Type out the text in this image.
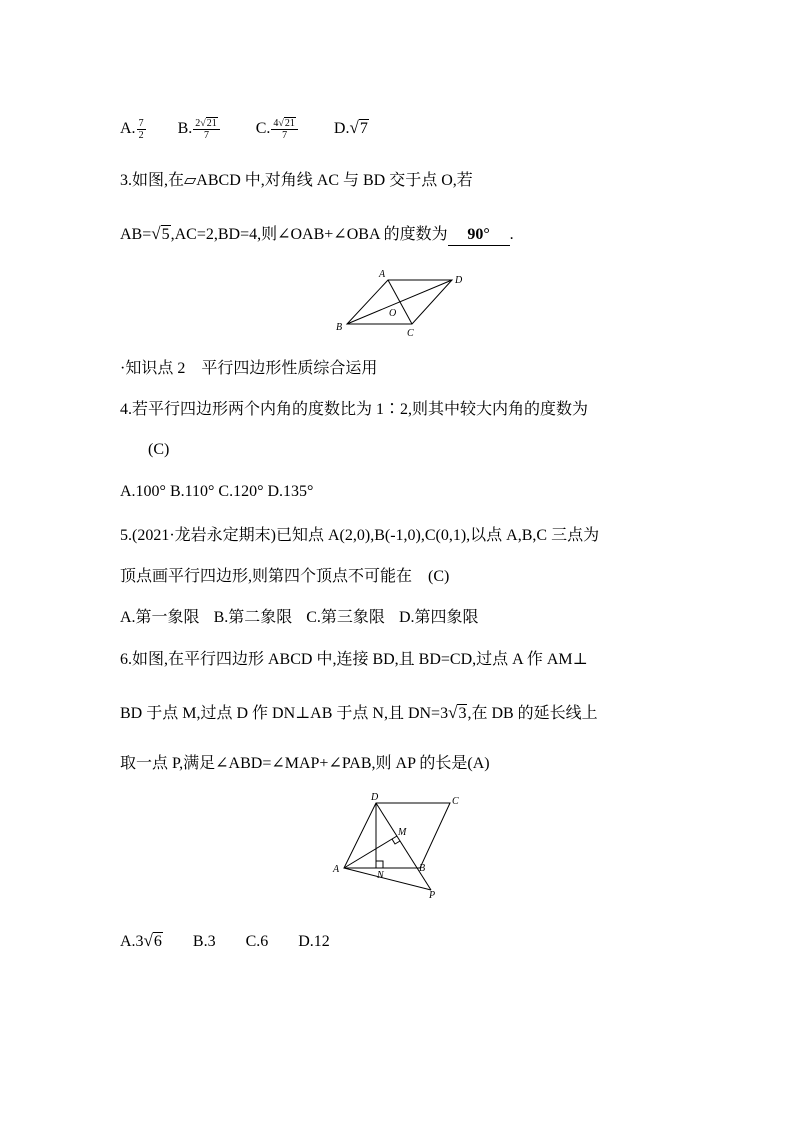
A. $\frac{7}{2} B$. $\frac{2√21}{7} C$. $\frac{4√21}{7} D.√7$
3.如图,在▱ABCD 中,对角线 AC 与 BD 交于点 O,若
AB=√5,AC=2,BD=4,则∠OAB+∠OBA 的度数为 90° .
A
D
B
C
O
·知识点 2　平行四边形性质综合运用
4.若平行四边形两个内角的度数比为 1∶2,则其中较大内角的度数为
(C)
A.100° B.110° C.120° D.135°
5.(2021·龙岩永定期末)已知点 A(2,0),B(-1,0),C(0,1),以点 A,B,C 三点为
顶点画平行四边形,则第四个顶点不可能在　(C)
A.第一象限 B.第二象限 C.第三象限 D.第四象限
6.如图,在平行四边形 ABCD 中,连接 BD,且 BD=CD,过点 A 作 AM⊥
BD 于点 M,过点 D 作 DN⊥AB 于点 N,且 DN=3√3,在 DB 的延长线上
取一点 P,满足∠ABD=∠MAP+∠PAB,则 AP 的长是(A)
D	C
M
A
N
B
P
A.3√6 B.3 C.6 D.12
